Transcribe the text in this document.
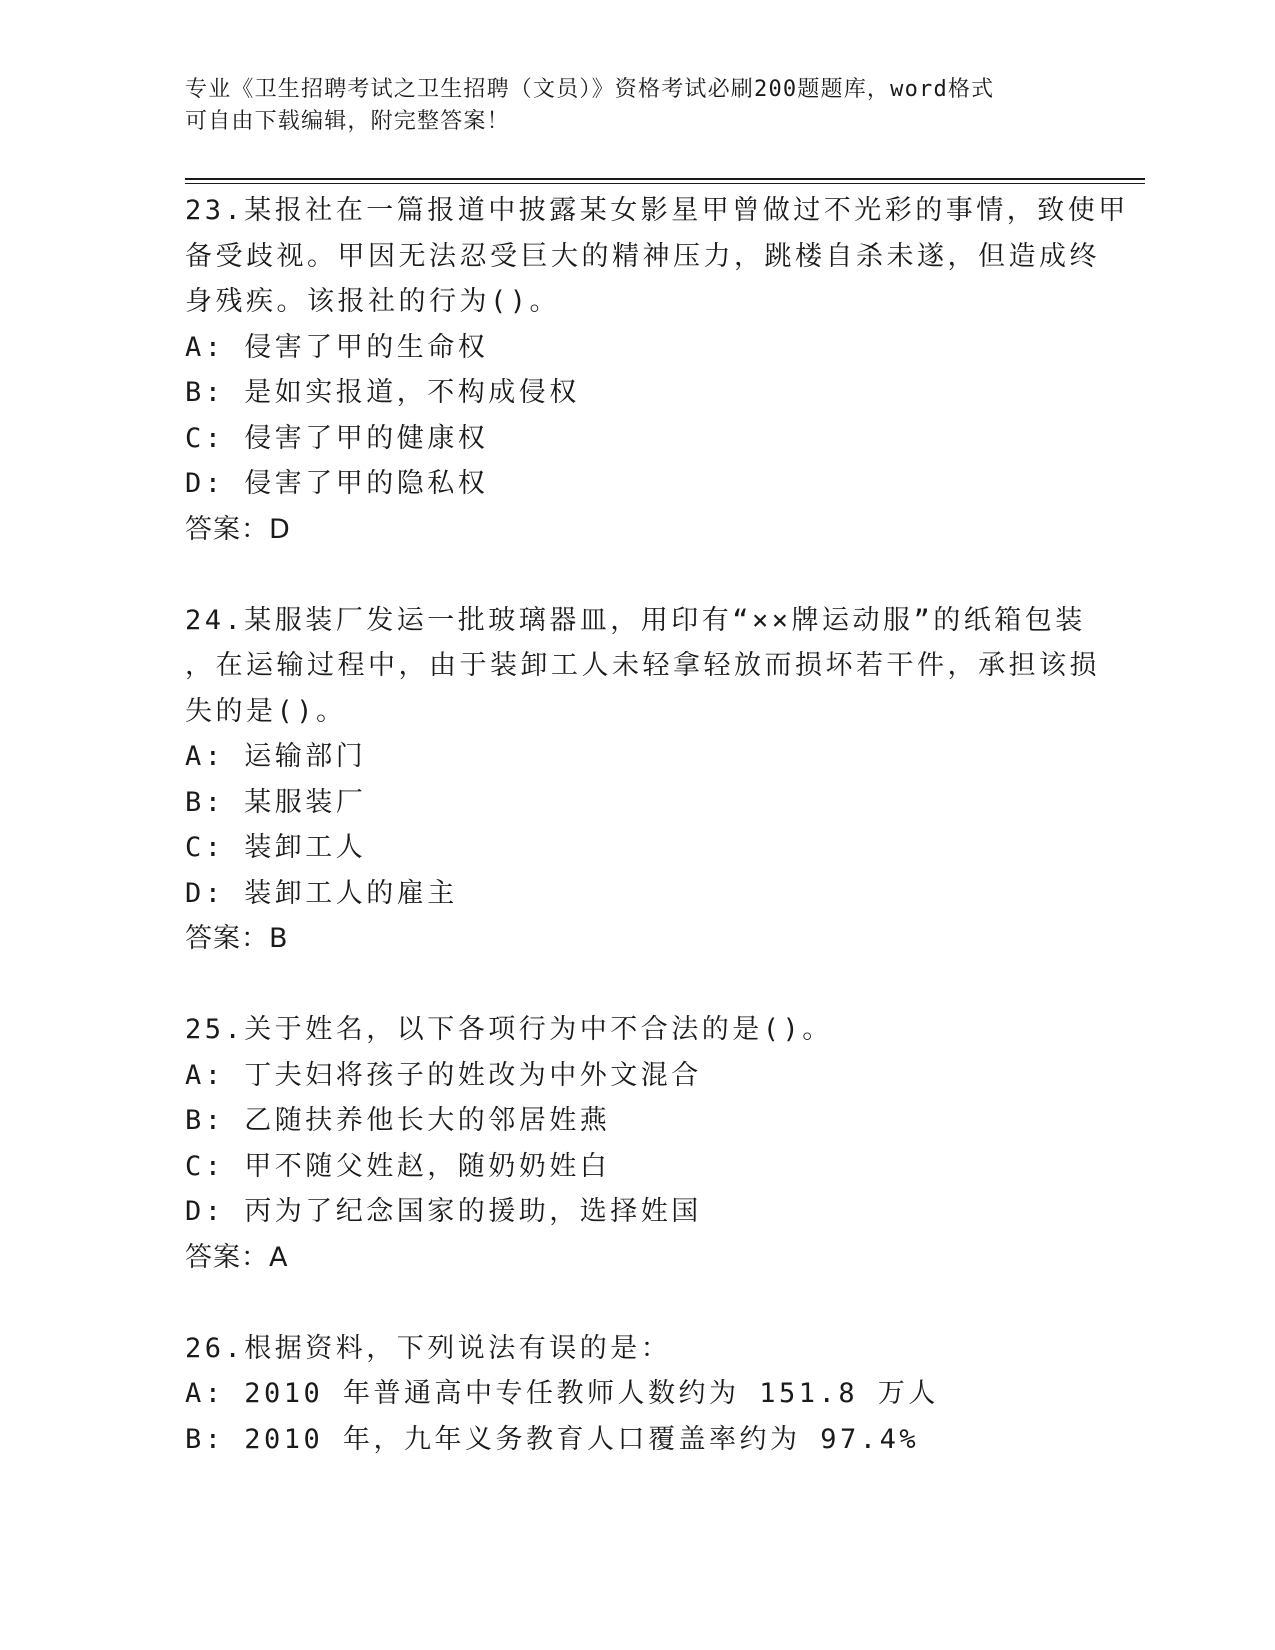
专业《卫生招聘考试之卫生招聘（文员）》资格考试必刷200题题库，word格式
可自由下载编辑，附完整答案！
23.某报社在一篇报道中披露某女影星甲曾做过不光彩的事情，致使甲
备受歧视。甲因无法忍受巨大的精神压力，跳楼自杀未遂，但造成终
身残疾。该报社的行为()。
A: 侵害了甲的生命权
B: 是如实报道，不构成侵权
C: 侵害了甲的健康权
D: 侵害了甲的隐私权
答案：D
24.某服装厂发运一批玻璃器皿，用印有“××牌运动服”的纸箱包装
，在运输过程中，由于装卸工人未轻拿轻放而损坏若干件，承担该损
失的是()。
A: 运输部门
B: 某服装厂
C: 装卸工人
D: 装卸工人的雇主
答案：B
25.关于姓名，以下各项行为中不合法的是()。
A: 丁夫妇将孩子的姓改为中外文混合
B: 乙随扶养他长大的邻居姓燕
C: 甲不随父姓赵，随奶奶姓白
D: 丙为了纪念国家的援助，选择姓国
答案：A
26.根据资料，下列说法有误的是：
A: 2010 年普通高中专任教师人数约为 151.8 万人
B: 2010 年，九年义务教育人口覆盖率约为 97.4%
